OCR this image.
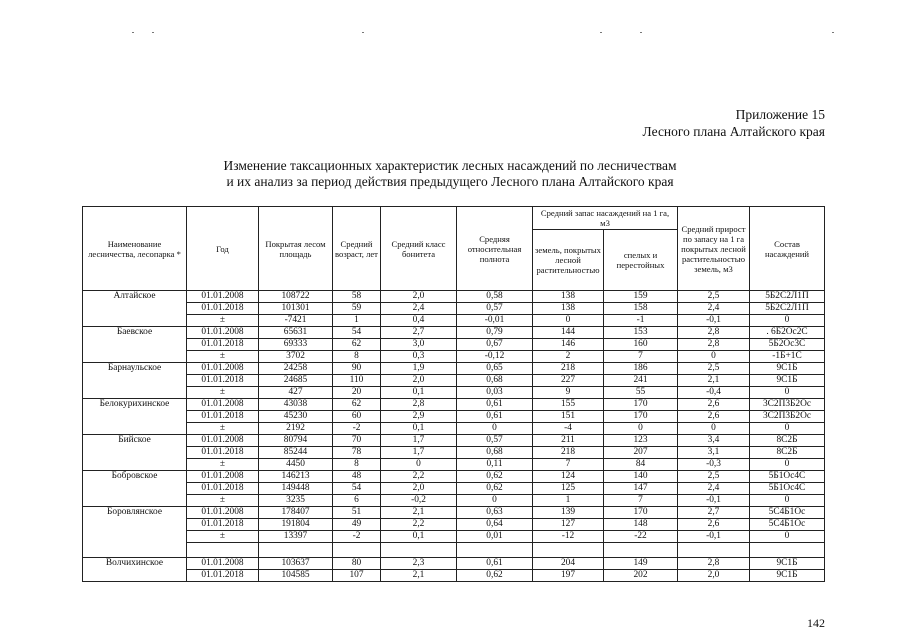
Приложение 15
Лесного плана Алтайского края
Изменение таксационных характеристик лесных насаждений по лесничествам
и их анализ за период действия предыдущего Лесного плана Алтайского края
Наименование лесничества, лесопарка *	Год	Покрытая лесом площадь	Средний возраст, лет	Средний класс бонитета	Средняя относительная полнота	Средний запас насаждений на 1 га, м3		Средний прирост по запасу на 1 га покрытых лесной растительностью земель, м3	Состав насаждений
						земель, покрытых лесной растительностью	спелых и перестойных		
Алтайское	01.01.2008	108722	58	2,0	0,58	138	159	2,5	5Б2С2Л1П
	01.01.2018	101301	59	2,4	0,57	138	158	2,4	5Б2С2Л1П
	±	-7421	1	0,4	-0,01	0	-1	-0,1	0
Баевское	01.01.2008	65631	54	2,7	0,79	144	153	2,8	. 6Б2Ос2С
	01.01.2018	69333	62	3,0	0,67	146	160	2,8	5Б2Ос3С
	±	3702	8	0,3	-0,12	2	7	0	-1Б+1С
Барнаульское	01.01.2008	24258	90	1,9	0,65	218	186	2,5	9С1Б
	01.01.2018	24685	110	2,0	0,68	227	241	2,1	9С1Б
	±	427	20	0,1	0,03	9	55	-0,4	0
Белокурихинское	01.01.2008	43038	62	2,8	0,61	155	170	2,6	3С2П3Б2Ос
	01.01.2018	45230	60	2,9	0,61	151	170	2,6	3С2П3Б2Ос
	±	2192	-2	0,1	0	-4	0	0	0
Бийское	01.01.2008	80794	70	1,7	0,57	211	123	3,4	8С2Б
	01.01.2018	85244	78	1,7	0,68	218	207	3,1	8С2Б
	±	4450	8	0	0,11	7	84	-0,3	0
Бобровское	01.01.2008	146213	48	2,2	0,62	124	140	2,5	5Б1Ос4С
	01.01.2018	149448	54	2,0	0,62	125	147	2,4	5Б1Ос4С
	±	3235	6	-0,2	0	1	7	-0,1	0
Боровлянское	01.01.2008	178407	51	2,1	0,63	139	170	2,7	5С4Б1Ос
	01.01.2018	191804	49	2,2	0,64	127	148	2,6	5С4Б1Ос
	±	13397	-2	0,1	0,01	-12	-22	-0,1	0

Волчихинское	01.01.2008	103637	80	2,3	0,61	204	149	2,8	9С1Б
	01.01.2018	104585	107	2,1	0,62	197	202	2,0	9С1Б
142
